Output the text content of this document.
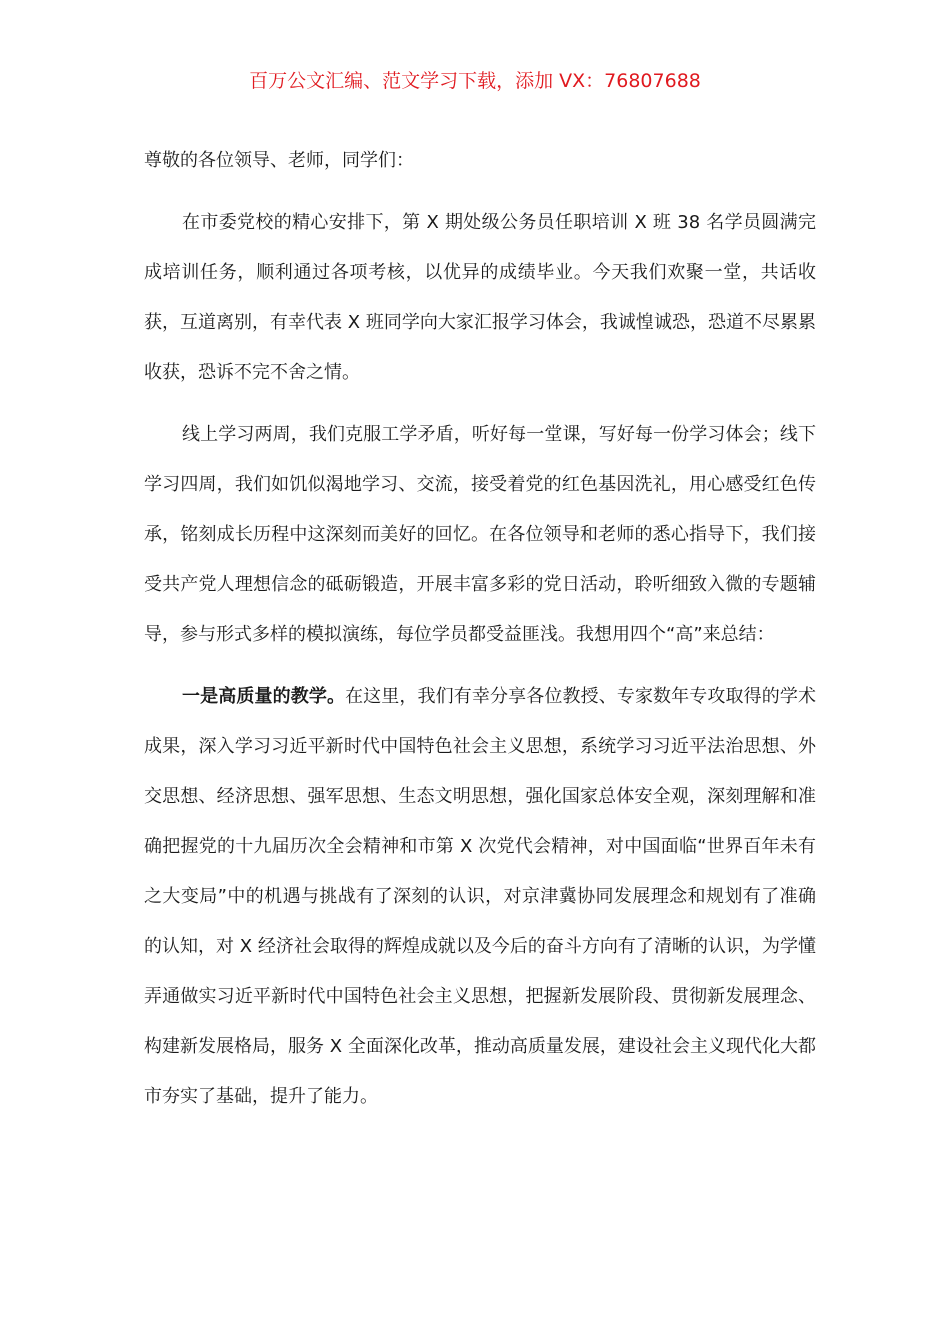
百万公文汇编、范文学习下载，添加 VX：76807688

尊敬的各位领导、老师，同学们：

在市委党校的精心安排下，第 X 期处级公务员任职培训 X 班 38 名学员圆满完成培训任务，顺利通过各项考核，以优异的成绩毕业。今天我们欢聚一堂，共话收获，互道离别，有幸代表 X 班同学向大家汇报学习体会，我诚惶诚恐，恐道不尽累累收获，恐诉不完不舍之情。

线上学习两周，我们克服工学矛盾，听好每一堂课，写好每一份学习体会；线下学习四周，我们如饥似渴地学习、交流，接受着党的红色基因洗礼，用心感受红色传承，铭刻成长历程中这深刻而美好的回忆。在各位领导和老师的悉心指导下，我们接受共产党人理想信念的砥砺锻造，开展丰富多彩的党日活动，聆听细致入微的专题辅导，参与形式多样的模拟演练，每位学员都受益匪浅。我想用四个“高”来总结：

一是高质量的教学。在这里，我们有幸分享各位教授、专家数年专攻取得的学术成果，深入学习习近平新时代中国特色社会主义思想，系统学习习近平法治思想、外交思想、经济思想、强军思想、生态文明思想，强化国家总体安全观，深刻理解和准确把握党的十九届历次全会精神和市第 X 次党代会精神，对中国面临“世界百年未有之大变局”中的机遇与挑战有了深刻的认识，对京津冀协同发展理念和规划有了准确的认知，对 X 经济社会取得的辉煌成就以及今后的奋斗方向有了清晰的认识，为学懂弄通做实习近平新时代中国特色社会主义思想，把握新发展阶段、贯彻新发展理念、构建新发展格局，服务 X 全面深化改革，推动高质量发展，建设社会主义现代化大都市夯实了基础，提升了能力。
